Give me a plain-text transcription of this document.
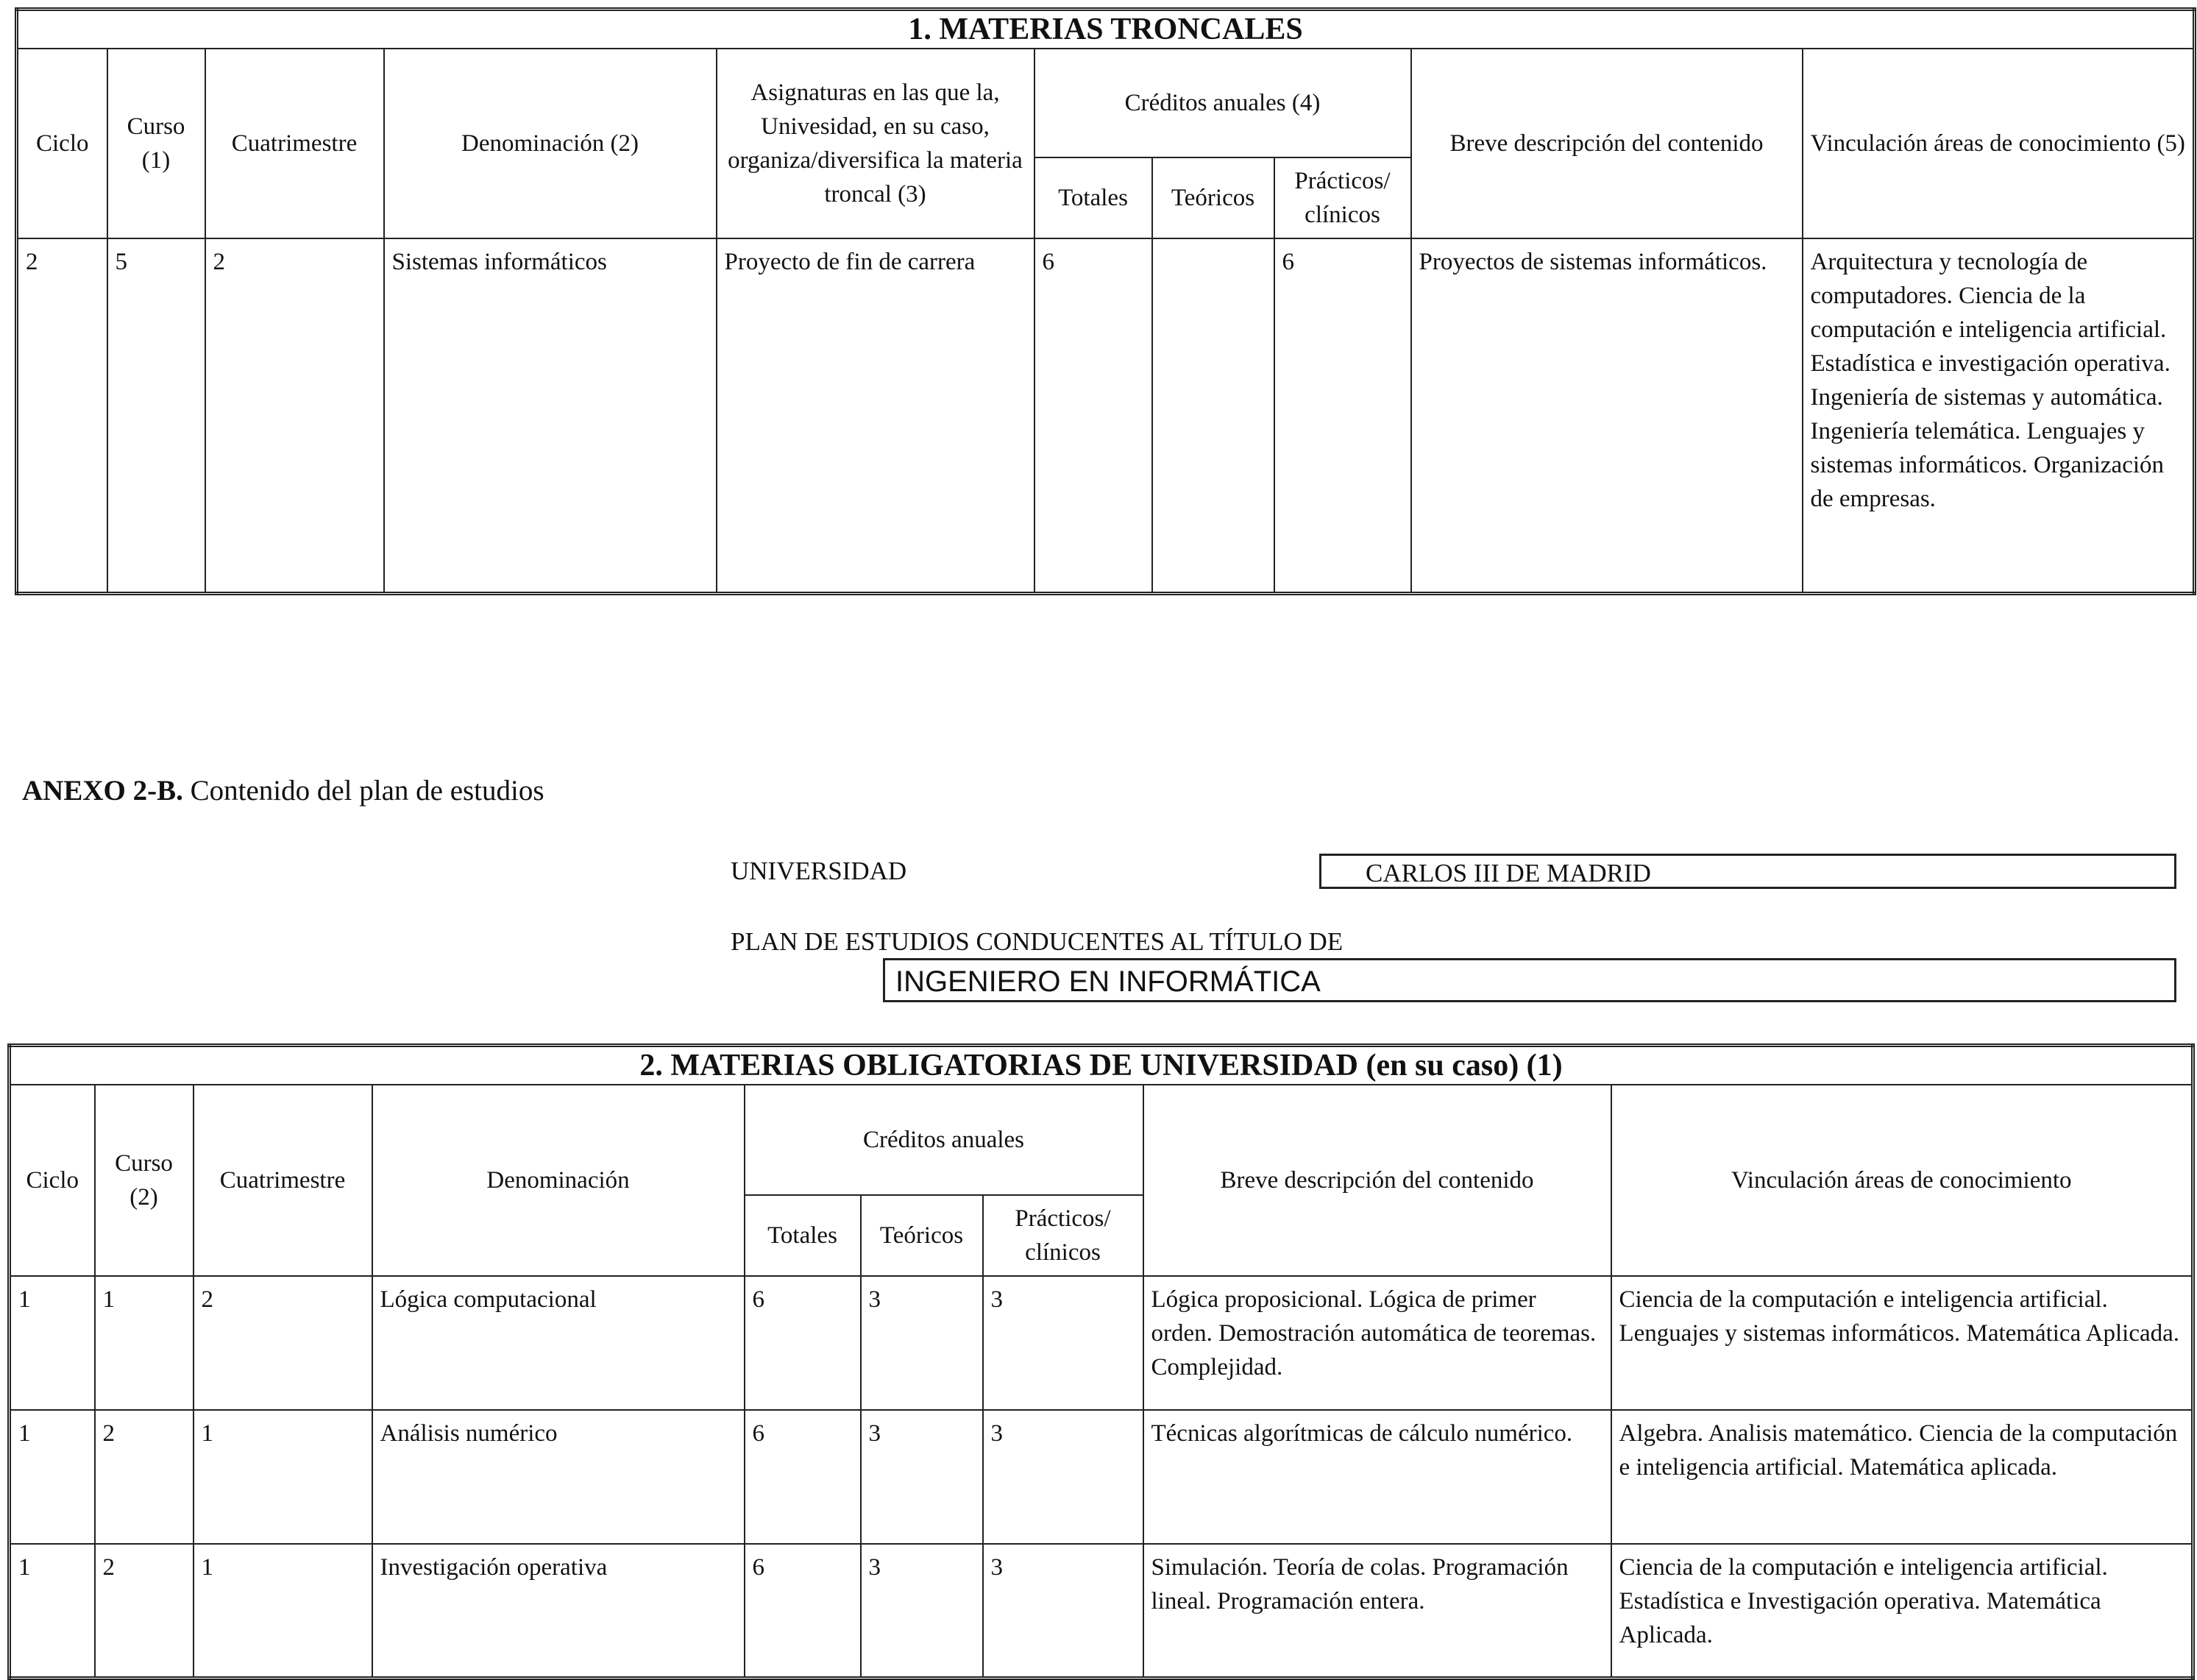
1. MATERIAS TRONCALES									
Ciclo	Curso (1)	Cuatrimestre	Denominación (2)	Asignaturas en las que la, Univesidad, en su caso, organiza/diversifica la materia troncal (3)	Créditos anuales (4)			Breve descripción del contenido	Vinculación áreas de conocimiento (5)
					Totales	Teóricos	Prácticos/ clínicos		
2	5	2	Sistemas informáticos	Proyecto de fin de carrera	6		6	Proyectos de sistemas informáticos.	Arquitectura y tecnología de computadores. Ciencia de la computación e inteligencia artificial. Estadística e investigación operativa. Ingeniería de sistemas y automática. Ingeniería telemática. Lenguajes y sistemas informáticos. Organización de empresas.
ANEXO 2-B. Contenido del plan de estudios
UNIVERSIDAD	CARLOS III DE MADRID
PLAN DE ESTUDIOS CONDUCENTES AL TÍTULO DE
INGENIERO EN INFORMÁTICA
2. MATERIAS OBLIGATORIAS DE UNIVERSIDAD (en su caso) (1)								
Ciclo	Curso (2)	Cuatrimestre	Denominación	Créditos anuales			Breve descripción del contenido	Vinculación áreas de conocimiento
				Totales	Teóricos	Prácticos/ clínicos		
1	1	2	Lógica computacional	6	3	3	Lógica proposicional. Lógica de primer orden. Demostración automática de teoremas. Complejidad.	Ciencia de la computación e inteligencia artificial. Lenguajes y sistemas informáticos. Matemática Aplicada.
1	2	1	Análisis numérico	6	3	3	Técnicas algorítmicas de cálculo numérico.	Algebra. Analisis matemático. Ciencia de la computación e inteligencia artificial. Matemática aplicada.
1	2	1	Investigación operativa	6	3	3	Simulación. Teoría de colas. Programación lineal. Programación entera.	Ciencia de la computación e inteligencia artificial. Estadística e Investigación operativa. Matemática Aplicada.
